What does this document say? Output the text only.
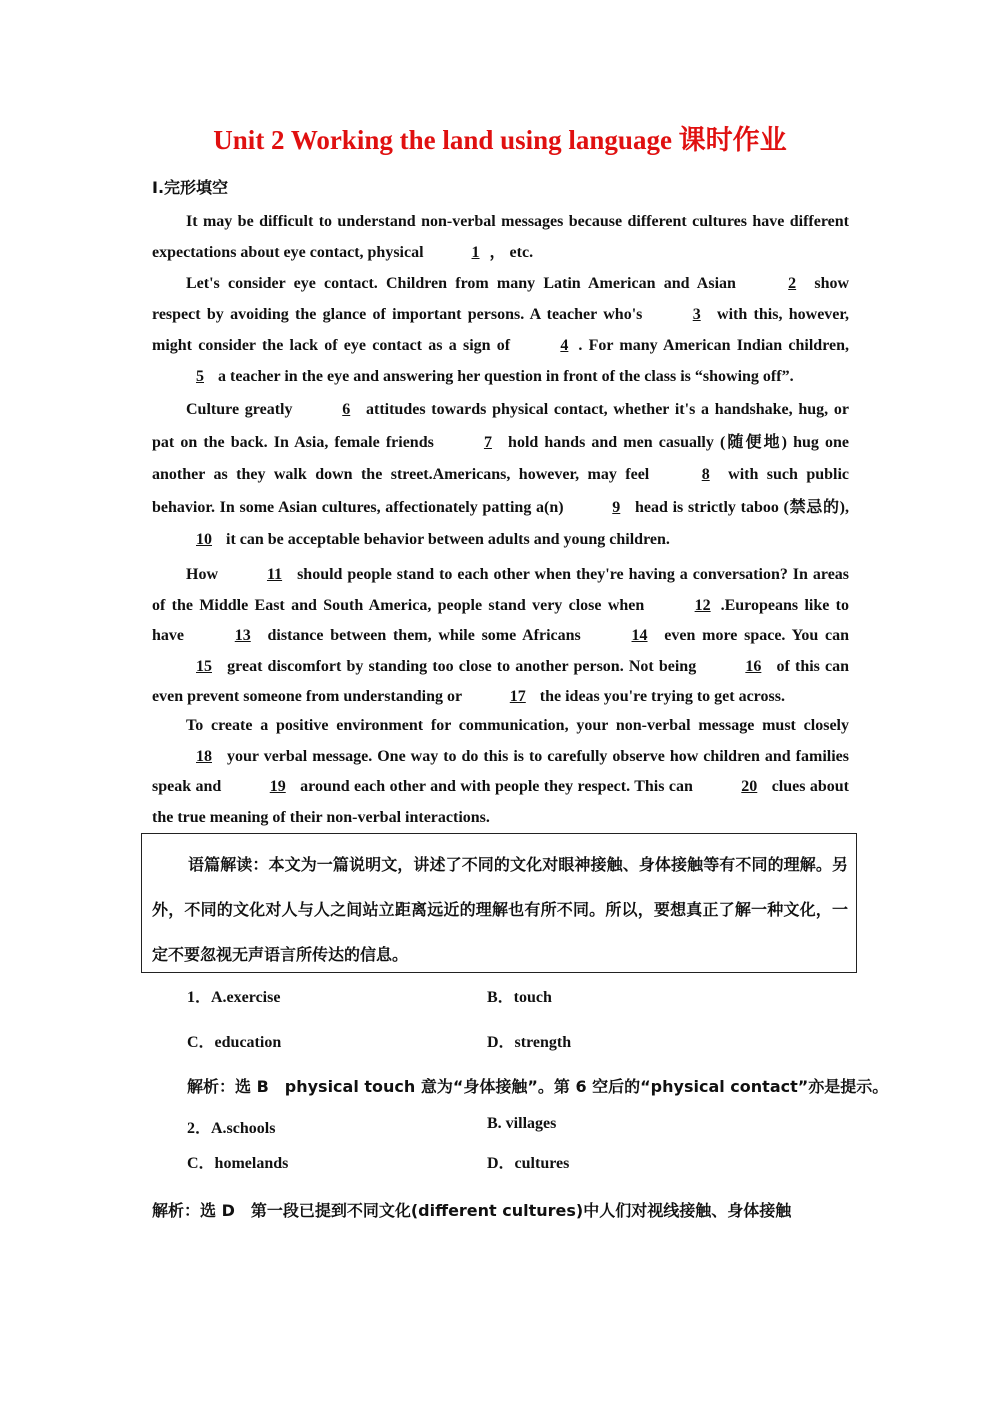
Unit 2 Working the land using language 课时作业
Ⅰ.完形填空

It may be difficult to understand non-verbal messages because different cultures have different expectations about eye contact, physical	1 ， etc.

Let's consider eye contact. Children from many Latin American and Asian	2 show respect by avoiding the glance of important persons. A teacher who's	3 with this, however, might consider the lack of eye contact as a sign of	4 . For many American Indian children, 5 a teacher in the eye and answering her question in front of the class is “showing off”.

Culture greatly	6 attitudes towards physical contact, whether it's a handshake, hug, or pat on the back. In Asia, female friends	7 hold hands and men casually (随便地) hug one another as they walk down the street.Americans, however, may feel	8 with such public behavior. In some Asian cultures, affectionately patting a(n)	9 head is strictly taboo (禁忌的), 10 it can be acceptable behavior between adults and young children.

How	11 should people stand to each other when they're having a conversation? In areas of the Middle East and South America, people stand very close when	12 .Europeans like to have	13 distance between them, while some Africans	14 even more space. You can 15 great discomfort by standing too close to another person. Not being	16 of this can even prevent someone from understanding or	17 the ideas you're trying to get across.

To create a positive environment for communication, your non-verbal message must closely 18 your verbal message. One way to do this is to carefully observe how children and families speak and	19 around each other and with people they respect. This can	20 clues about the true meaning of their non-verbal interactions.

语篇解读：本文为一篇说明文，讲述了不同的文化对眼神接触、身体接触等有不同的理解。另外，不同的文化对人与人之间站立距离远近的理解也有所不同。所以，要想真正了解一种文化，一定不要忽视无声语言所传达的信息。
1．A.exercise	B．touch
C．education	D．strength
解析：选 B　physical touch 意为“身体接触”。第 6 空后的“physical contact”亦是提示。
2．A.schools	B. villages
C．homelands	D．cultures
解析：选 D　第一段已提到不同文化(different cultures)中人们对视线接触、身体接触
